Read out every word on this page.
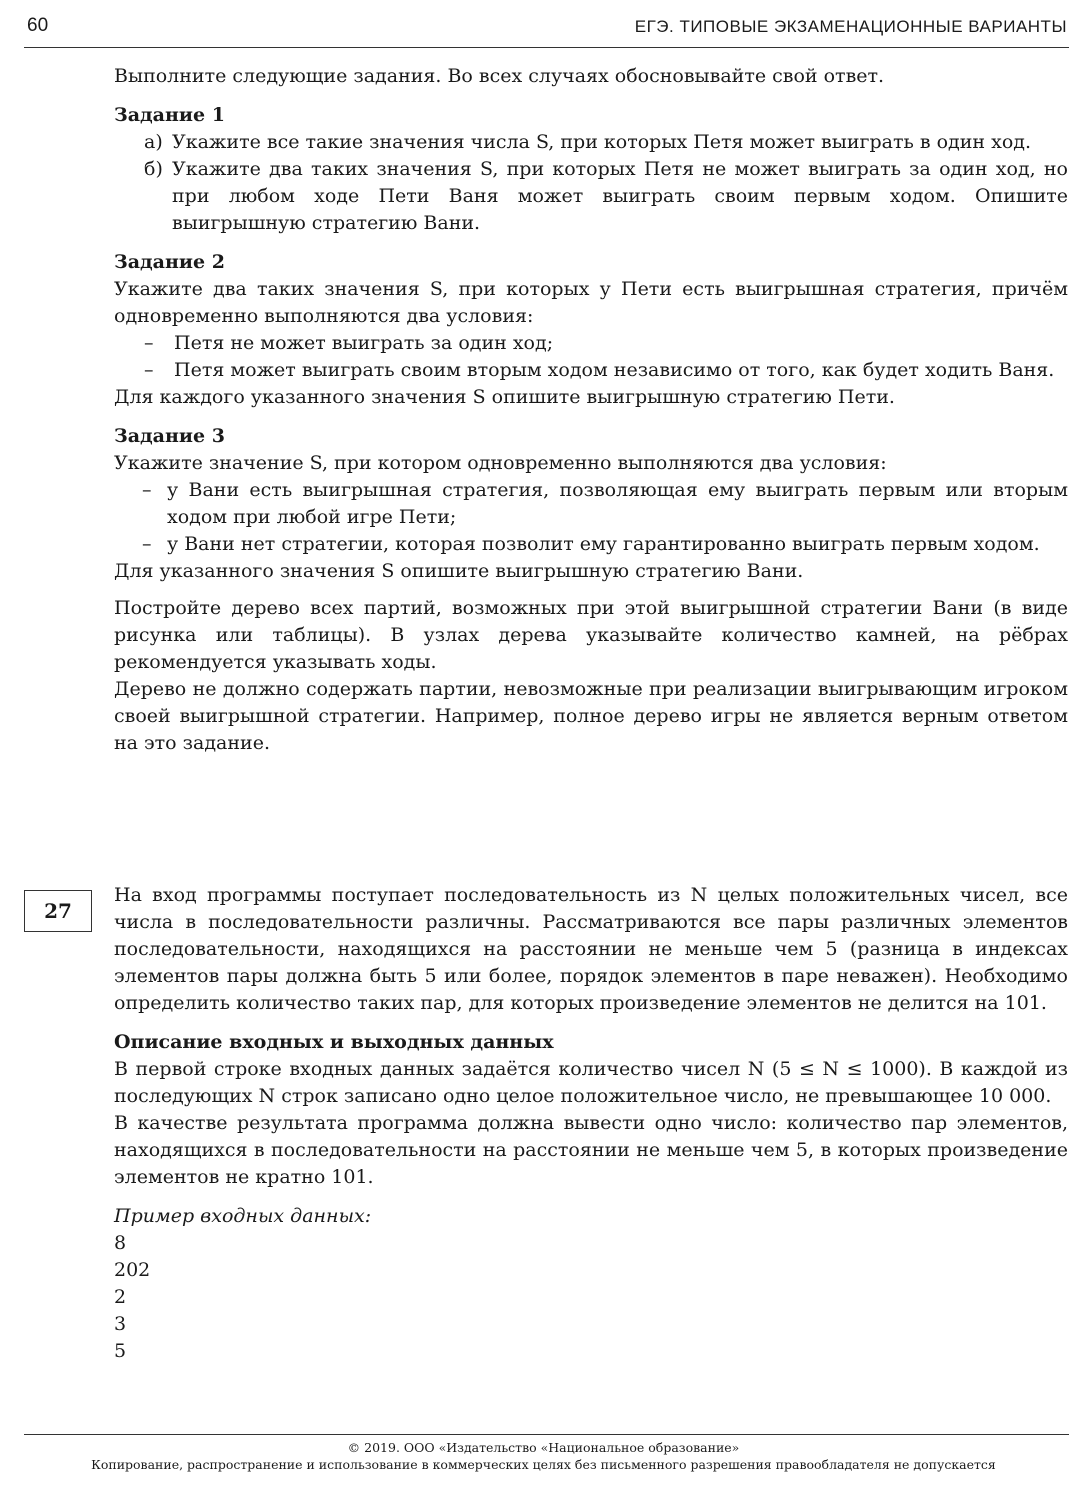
60	ЕГЭ. ТИПОВЫЕ ЭКЗАМЕНАЦИОННЫЕ ВАРИАНТЫ

Выполните следующие задания. Во всех случаях обосновывайте свой ответ.

Задание 1

а) Укажите все такие значения числа S, при которых Петя может выиграть в один ход.
б) Укажите два таких значения S, при которых Петя не может выиграть за один ход, но при любом ходе Пети Ваня может выиграть своим первым ходом. Опишите выигрышную стратегию Вани.

Задание 2

Укажите два таких значения S, при которых у Пети есть выигрышная стратегия, причём одновременно выполняются два условия:

–	Петя не может выиграть за один ход;
–	Петя может выиграть своим вторым ходом независимо от того, как будет ходить Ваня.

Для каждого указанного значения S опишите выигрышную стратегию Пети.

Задание 3

Укажите значение S, при котором одновременно выполняются два условия:

– у Вани есть выигрышная стратегия, позволяющая ему выиграть первым или вторым ходом при любой игре Пети;
– у Вани нет стратегии, которая позволит ему гарантированно выиграть первым ходом.

Для указанного значения S опишите выигрышную стратегию Вани.

Постройте дерево всех партий, возможных при этой выигрышной стратегии Вани (в виде рисунка или таблицы). В узлах дерева указывайте количество камней, на рёбрах рекомендуется указывать ходы.

Дерево не должно содержать партии, невозможные при реализации выигрывающим игроком своей выигрышной стратегии. Например, полное дерево игры не является верным ответом на это задание.

27

На вход программы поступает последовательность из N целых положительных чисел, все числа в последовательности различны. Рассматриваются все пары различных элементов последовательности, находящихся на расстоянии не меньше чем 5 (разница в индексах элементов пары должна быть 5 или более, порядок элементов в паре неважен). Необходимо определить количество таких пар, для которых произведение элементов не делится на 101.

Описание входных и выходных данных

В первой строке входных данных задаётся количество чисел N (5 ≤ N ≤ 1000). В каждой из последующих N строк записано одно целое положительное число, не превышающее 10 000.

В качестве результата программа должна вывести одно число: количество пар элементов, находящихся в последовательности на расстоянии не меньше чем 5, в которых произведение элементов не кратно 101.

Пример входных данных:

8

202

2

3

5

© 2019. ООО «Издательство «Национальное образование»
Копирование, распространение и использование в коммерческих целях без письменного разрешения правообладателя не допускается
